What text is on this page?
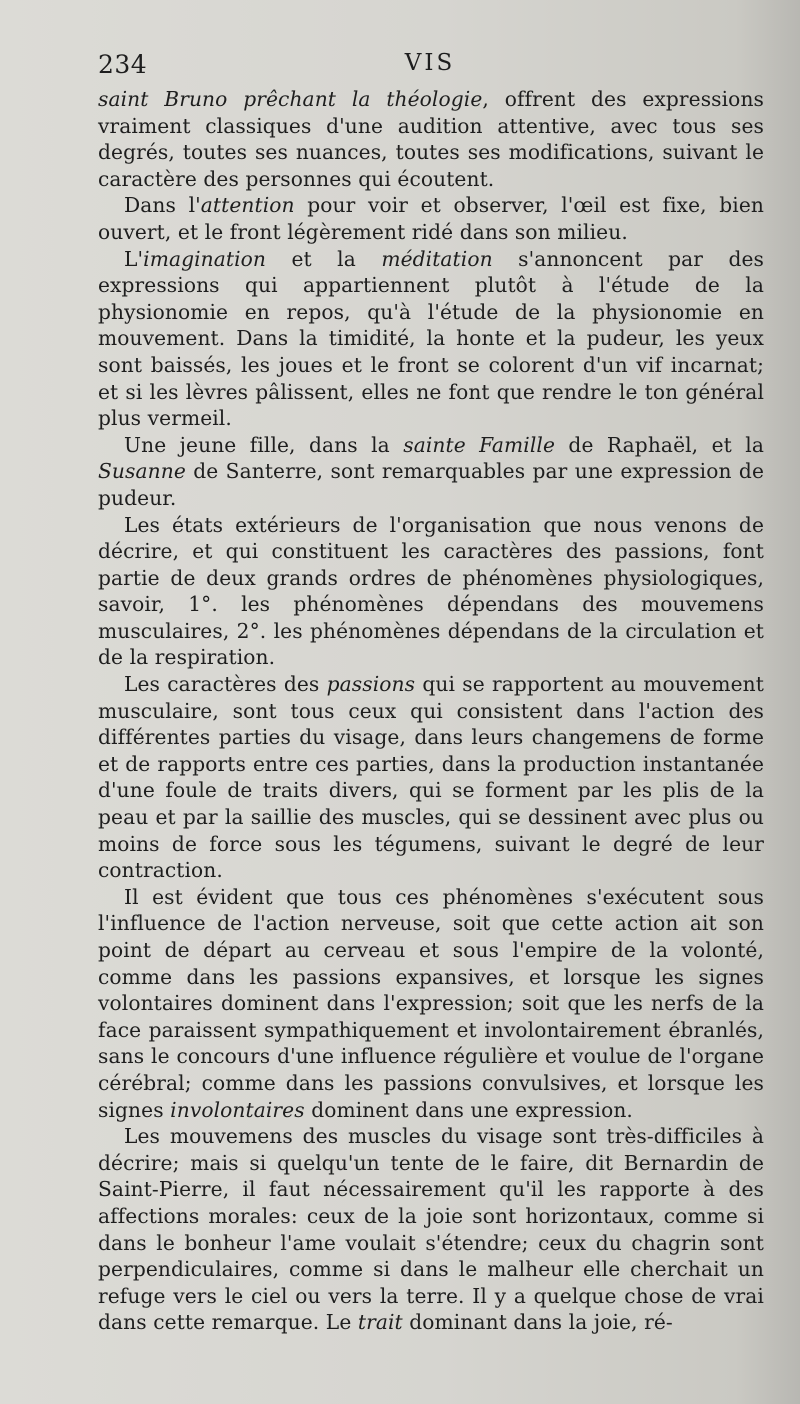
234	VIS

saint Bruno prêchant la théologie, offrent des expressions vraiment classiques d'une audition attentive, avec tous ses degrés, toutes ses nuances, toutes ses modifications, suivant le caractère des personnes qui écoutent.

Dans l'attention pour voir et observer, l'œil est fixe, bien ouvert, et le front légèrement ridé dans son milieu.

L'imagination et la méditation s'annoncent par des expressions qui appartiennent plutôt à l'étude de la physionomie en repos, qu'à l'étude de la physionomie en mouvement. Dans la timidité, la honte et la pudeur, les yeux sont baissés, les joues et le front se colorent d'un vif incarnat; et si les lèvres pâlissent, elles ne font que rendre le ton général plus vermeil.

Une jeune fille, dans la sainte Famille de Raphaël, et la Susanne de Santerre, sont remarquables par une expression de pudeur.

Les états extérieurs de l'organisation que nous venons de décrire, et qui constituent les caractères des passions, font partie de deux grands ordres de phénomènes physiologiques, savoir, 1°. les phénomènes dépendans des mouvemens musculaires, 2°. les phénomènes dépendans de la circulation et de la respiration.

Les caractères des passions qui se rapportent au mouvement musculaire, sont tous ceux qui consistent dans l'action des différentes parties du visage, dans leurs changemens de forme et de rapports entre ces parties, dans la production instantanée d'une foule de traits divers, qui se forment par les plis de la peau et par la saillie des muscles, qui se dessinent avec plus ou moins de force sous les tégumens, suivant le degré de leur contraction.

Il est évident que tous ces phénomènes s'exécutent sous l'influence de l'action nerveuse, soit que cette action ait son point de départ au cerveau et sous l'empire de la volonté, comme dans les passions expansives, et lorsque les signes volontaires dominent dans l'expression; soit que les nerfs de la face paraissent sympathiquement et involontairement ébranlés, sans le concours d'une influence régulière et voulue de l'organe cérébral; comme dans les passions convulsives, et lorsque les signes involontaires dominent dans une expression.

Les mouvemens des muscles du visage sont très-difficiles à décrire; mais si quelqu'un tente de le faire, dit Bernardin de Saint-Pierre, il faut nécessairement qu'il les rapporte à des affections morales: ceux de la joie sont horizontaux, comme si dans le bonheur l'ame voulait s'étendre; ceux du chagrin sont perpendiculaires, comme si dans le malheur elle cherchait un refuge vers le ciel ou vers la terre. Il y a quelque chose de vrai dans cette remarque. Le trait dominant dans la joie, ré-
